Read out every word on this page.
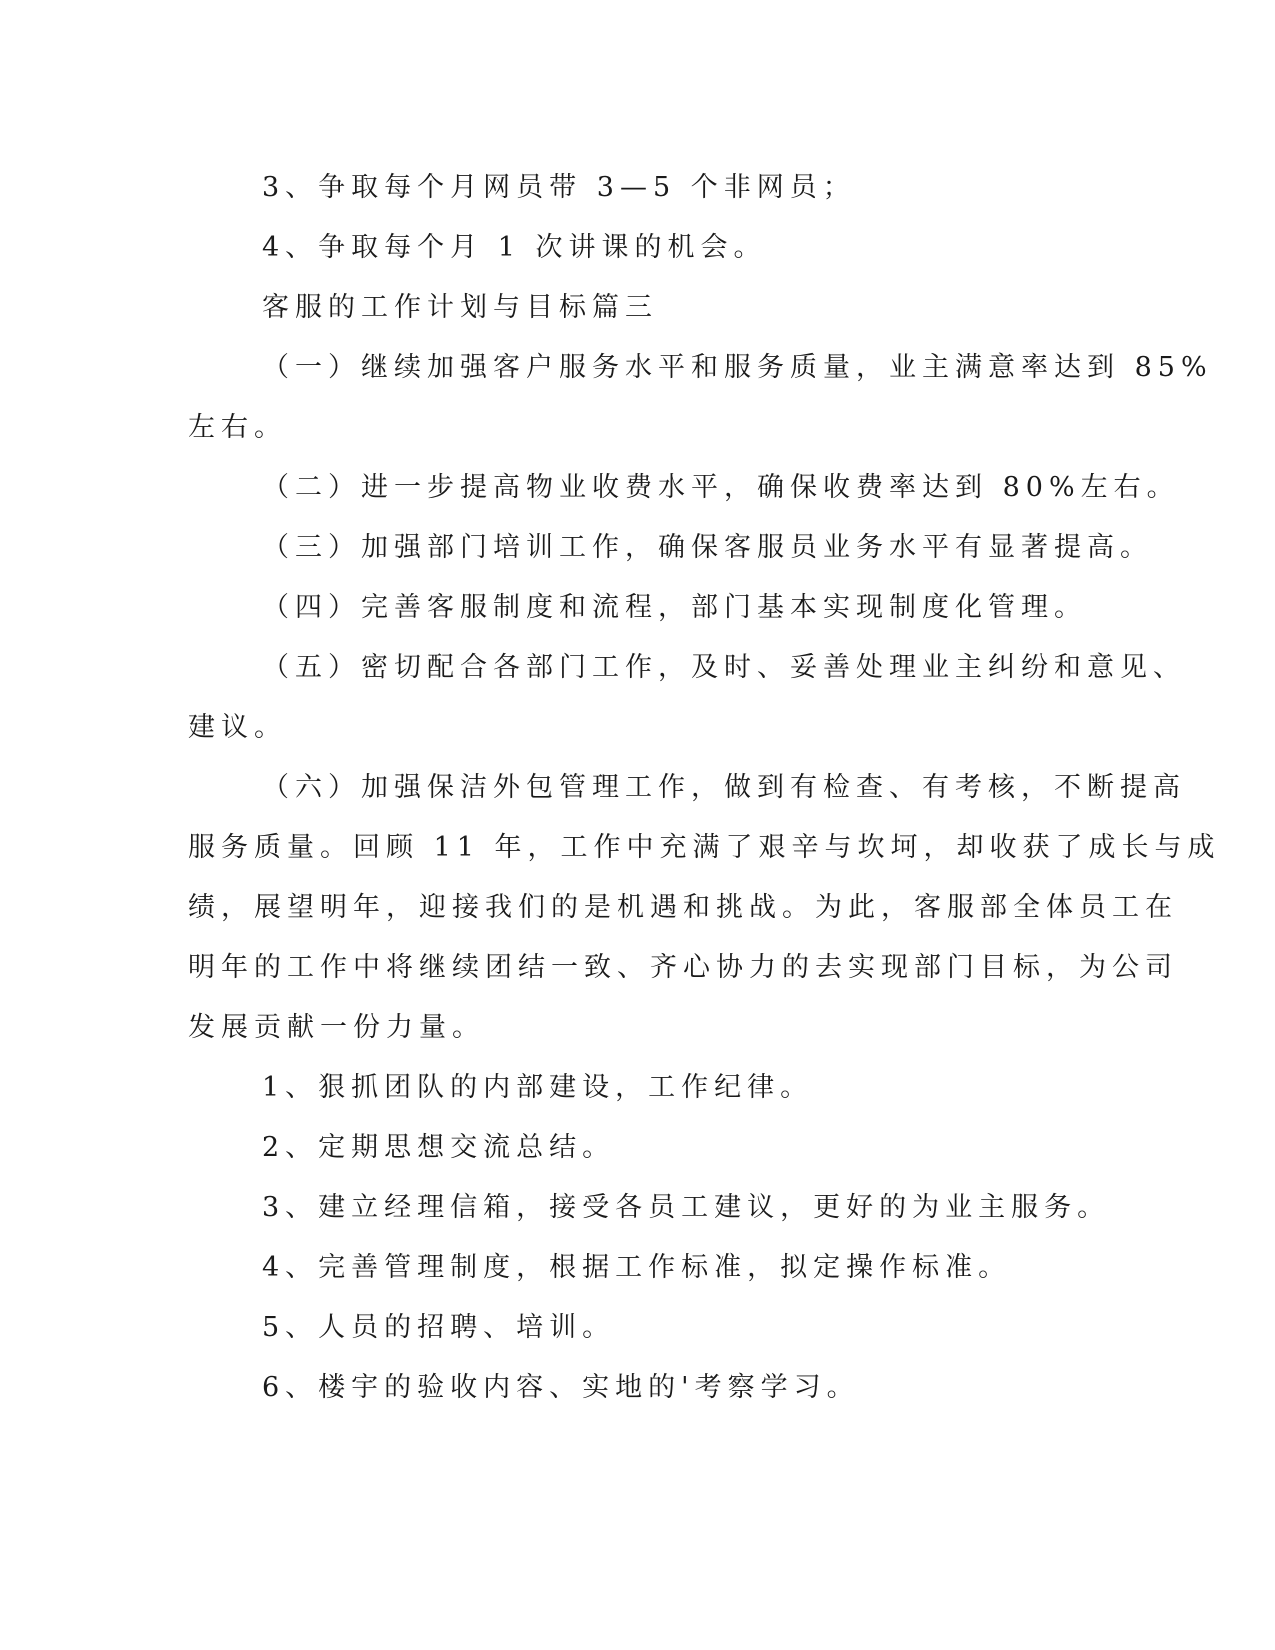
3、争取每个月网员带 3—5 个非网员；
4、争取每个月 1 次讲课的机会。
客服的工作计划与目标篇三
（一）继续加强客户服务水平和服务质量，业主满意率达到 85%
左右。
（二）进一步提高物业收费水平，确保收费率达到 80%左右。
（三）加强部门培训工作，确保客服员业务水平有显著提高。
（四）完善客服制度和流程，部门基本实现制度化管理。
（五）密切配合各部门工作，及时、妥善处理业主纠纷和意见、
建议。
（六）加强保洁外包管理工作，做到有检查、有考核，不断提高
服务质量。回顾 11 年，工作中充满了艰辛与坎坷，却收获了成长与成
绩，展望明年，迎接我们的是机遇和挑战。为此，客服部全体员工在
明年的工作中将继续团结一致、齐心协力的去实现部门目标，为公司
发展贡献一份力量。
1、狠抓团队的内部建设，工作纪律。
2、定期思想交流总结。
3、建立经理信箱，接受各员工建议，更好的为业主服务。
4、完善管理制度，根据工作标准，拟定操作标准。
5、人员的招聘、培训。
6、楼宇的验收内容、实地的'考察学习。
